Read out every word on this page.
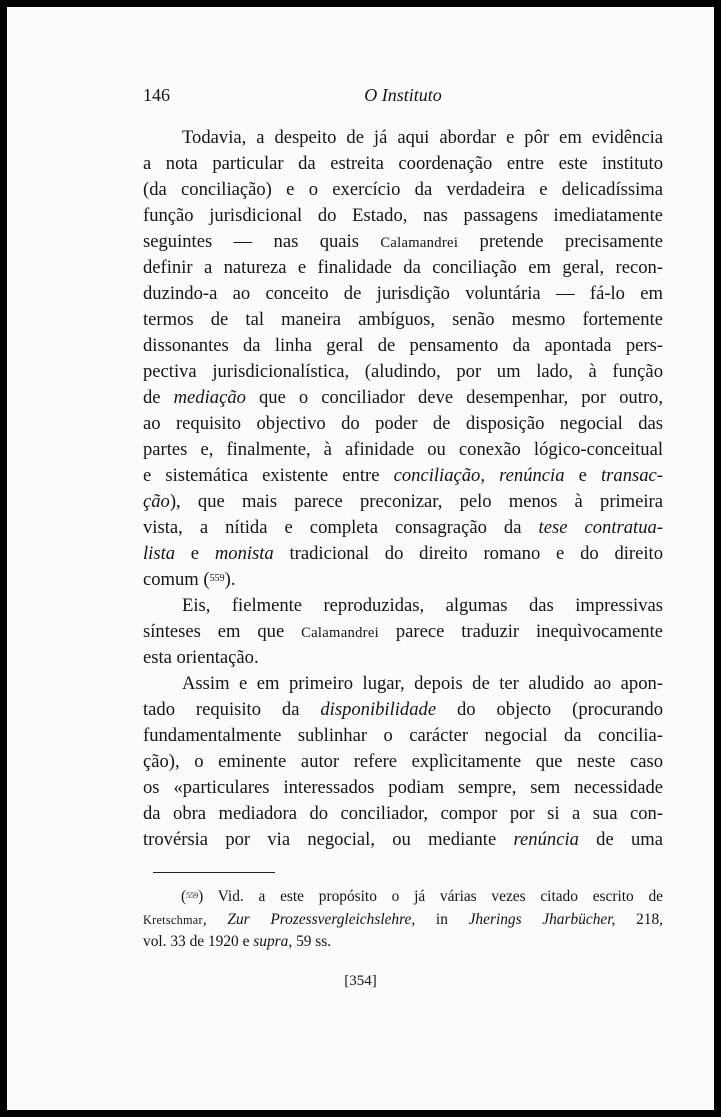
146	O Instituto
Todavia, a despeito de já aqui abordar e pôr em evidência
a nota particular da estreita coordenação entre este instituto
(da conciliação) e o exercício da verdadeira e delicadíssima
função jurisdicional do Estado, nas passagens imediatamente
seguintes — nas quais Calamandrei pretende precisamente
definir a natureza e finalidade da conciliação em geral, recon-
duzindo-a ao conceito de jurisdição voluntária — fá-lo em
termos de tal maneira ambíguos, senão mesmo fortemente
dissonantes da linha geral de pensamento da apontada pers-
pectiva jurisdicionalística, (aludindo, por um lado, à função
de mediação que o conciliador deve desempenhar, por outro,
ao requisito objectivo do poder de disposição negocial das
partes e, finalmente, à afinidade ou conexão lógico-conceitual
e sistemática existente entre conciliação, renúncia e transac-
ção), que mais parece preconizar, pelo menos à primeira
vista, a nítida e completa consagração da tese contratua-
lista e monista tradicional do direito romano e do direito
comum ($^{559}$).
Eis, fielmente reproduzidas, algumas das impressivas
sínteses em que Calamandrei parece traduzir inequìvocamente
esta orientação.
Assim e em primeiro lugar, depois de ter aludido ao apon-
tado requisito da disponibilidade do objecto (procurando
fundamentalmente sublinhar o carácter negocial da concilia-
ção), o eminente autor refere explìcitamente que neste caso
os «particulares interessados podiam sempre, sem necessidade
da obra mediadora do conciliador, compor por si a sua con-
trovérsia por via negocial, ou mediante renúncia de uma
($^{559}$) Vid. a este propósito o já várias vezes citado escrito de
Kretschmar, Zur Prozessvergleichslehre, in Jherings Jharbücher, 218,
vol. 33 de 1920 e supra, 59 ss.
[354]
